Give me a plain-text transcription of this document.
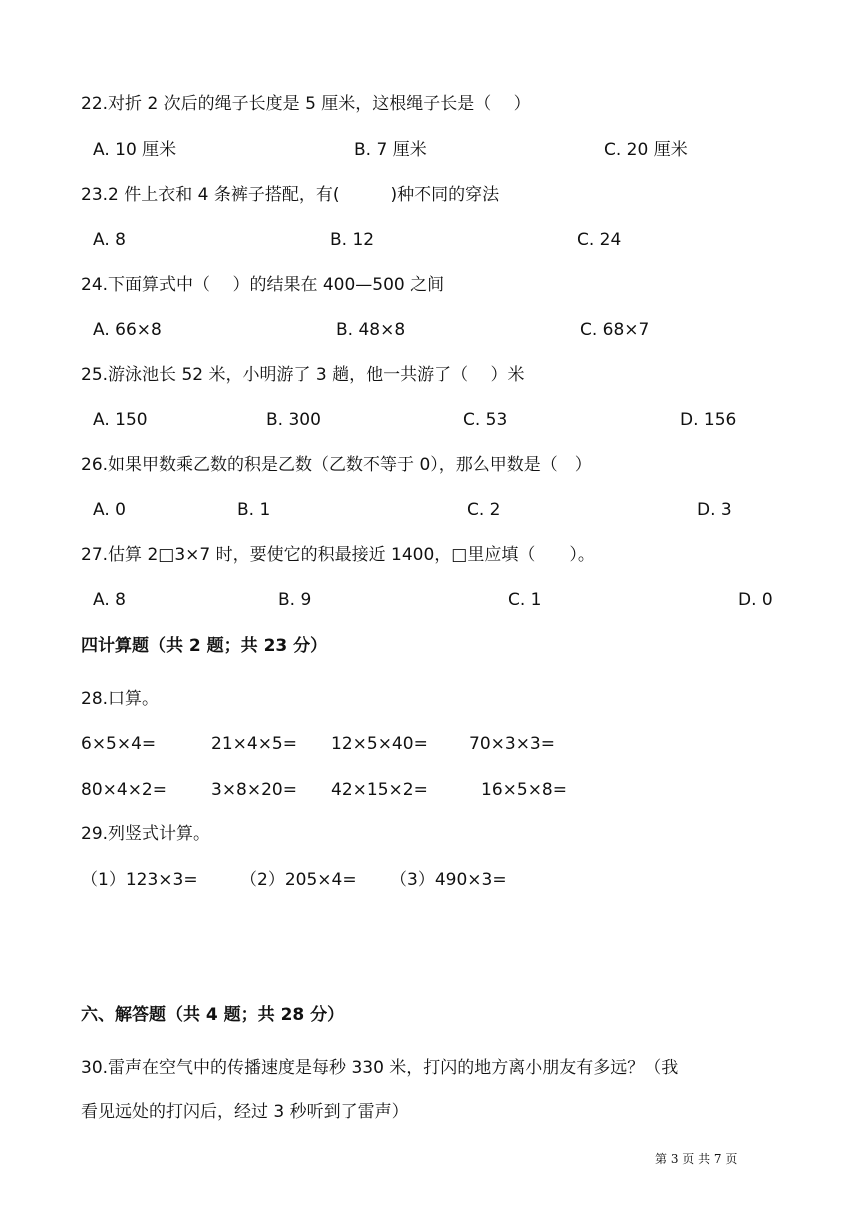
22.对折 2 次后的绳子长度是 5 厘米，这根绳子长是（　 ）
A. 10 厘米	B. 7 厘米	C. 20 厘米
23.2 件上衣和 4 条裤子搭配，有(　　　)种不同的穿法
A. 8	B. 12	C. 24
24.下面算式中（　 ）的结果在 400—500 之间
A. 66×8	B. 48×8	C. 68×7
25.游泳池长 52 米，小明游了 3 趟，他一共游了（　 ）米
A. 150	B. 300	C. 53	D. 156
26.如果甲数乘乙数的积是乙数（乙数不等于 0），那么甲数是（　）
A. 0	B. 1	C. 2	D. 3
27.估算 2□3×7 时，要使它的积最接近 1400，□里应填（　　）。
A. 8	B. 9	C. 1	D. 0
四计算题（共 2 题；共 23 分）
28.口算。
6×5×4=	21×4×5= 12×5×40= 70×3×3=
80×4×2=	3×8×20= 42×15×2=	16×5×8=
29.列竖式计算。
（1）123×3= （2）205×4= （3）490×3=
六、解答题（共 4 题；共 28 分）
30.雷声在空气中的传播速度是每秒 330 米，打闪的地方离小朋友有多远？（我
看见远处的打闪后，经过 3 秒听到了雷声）
第 3 页 共 7 页
